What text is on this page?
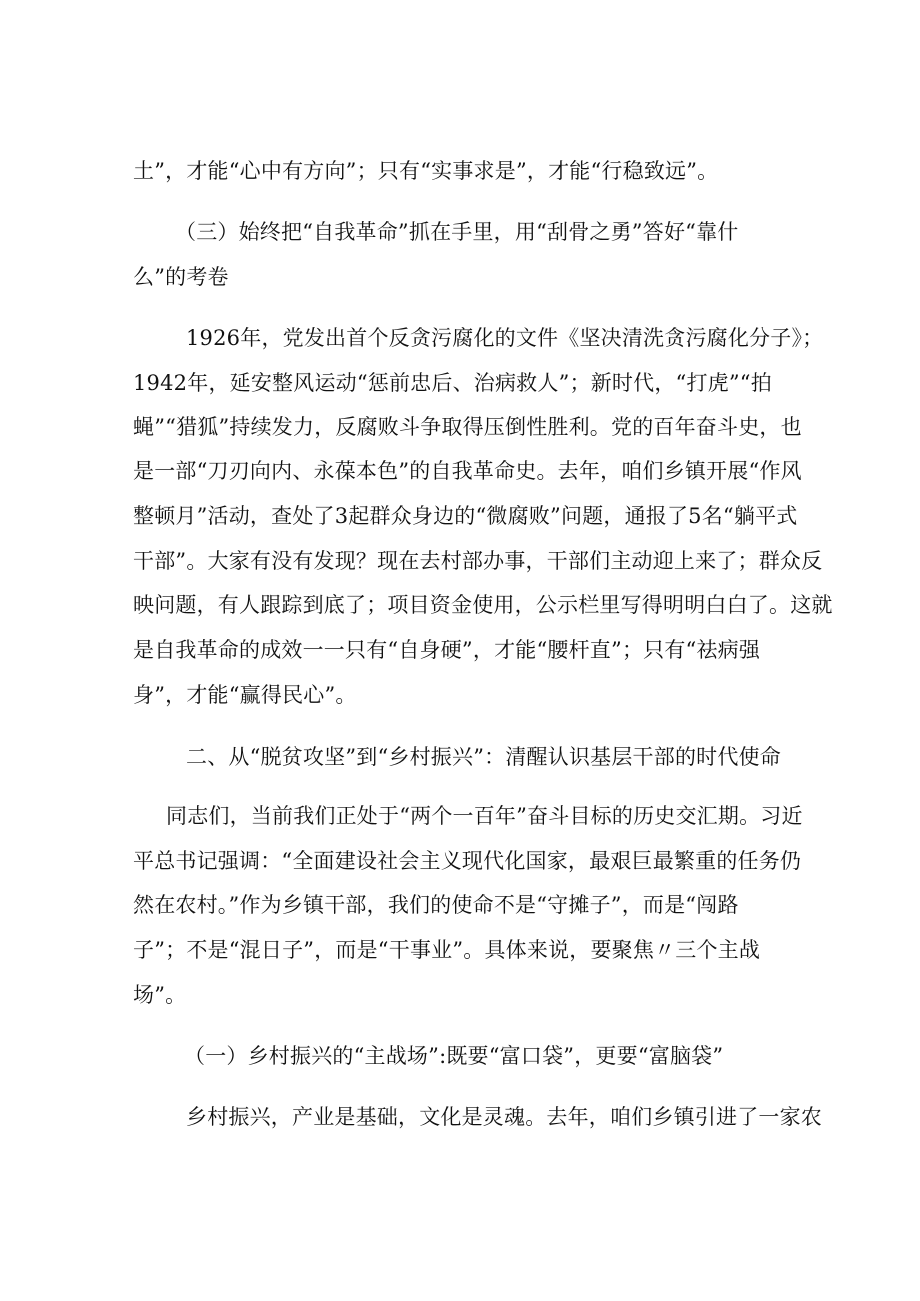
土”，才能“心中有方向”；只有“实事求是”，才能“行稳致远”。
（三）始终把“自我革命”抓在手里，用“刮骨之勇”答好“靠什
么”的考卷
1926年，党发出首个反贪污腐化的文件《坚决清洗贪污腐化分子》；
1942年，延安整风运动“惩前忠后、治病救人”；新时代，“打虎”“拍
蝇”“猎狐”持续发力，反腐败斗争取得压倒性胜利。党的百年奋斗史，也
是一部“刀刃向内、永葆本色”的自我革命史。去年，咱们乡镇开展“作风
整顿月”活动，查处了3起群众身边的“微腐败”问题，通报了5名“躺平式
干部”。大家有没有发现？现在去村部办事，干部们主动迎上来了；群众反
映问题，有人跟踪到底了；项目资金使用，公示栏里写得明明白白了。这就
是自我革命的成效一一只有“自身硬”，才能“腰杆直”；只有“祛病强
身”，才能“赢得民心”。
二、从“脱贫攻坚”到“乡村振兴”：清醒认识基层干部的时代使命
同志们，当前我们正处于“两个一百年”奋斗目标的历史交汇期。习近
平总书记强调：“全面建设社会主义现代化国家，最艰巨最繁重的任务仍
然在农村。”作为乡镇干部，我们的使命不是“守摊子”，而是“闯路
子”；不是“混日子”，而是“干事业”。具体来说，要聚焦〃三个主战
场”。
（一）乡村振兴的“主战场”:既要“富口袋”，更要“富脑袋”
乡村振兴，产业是基础，文化是灵魂。去年，咱们乡镇引进了一家农
